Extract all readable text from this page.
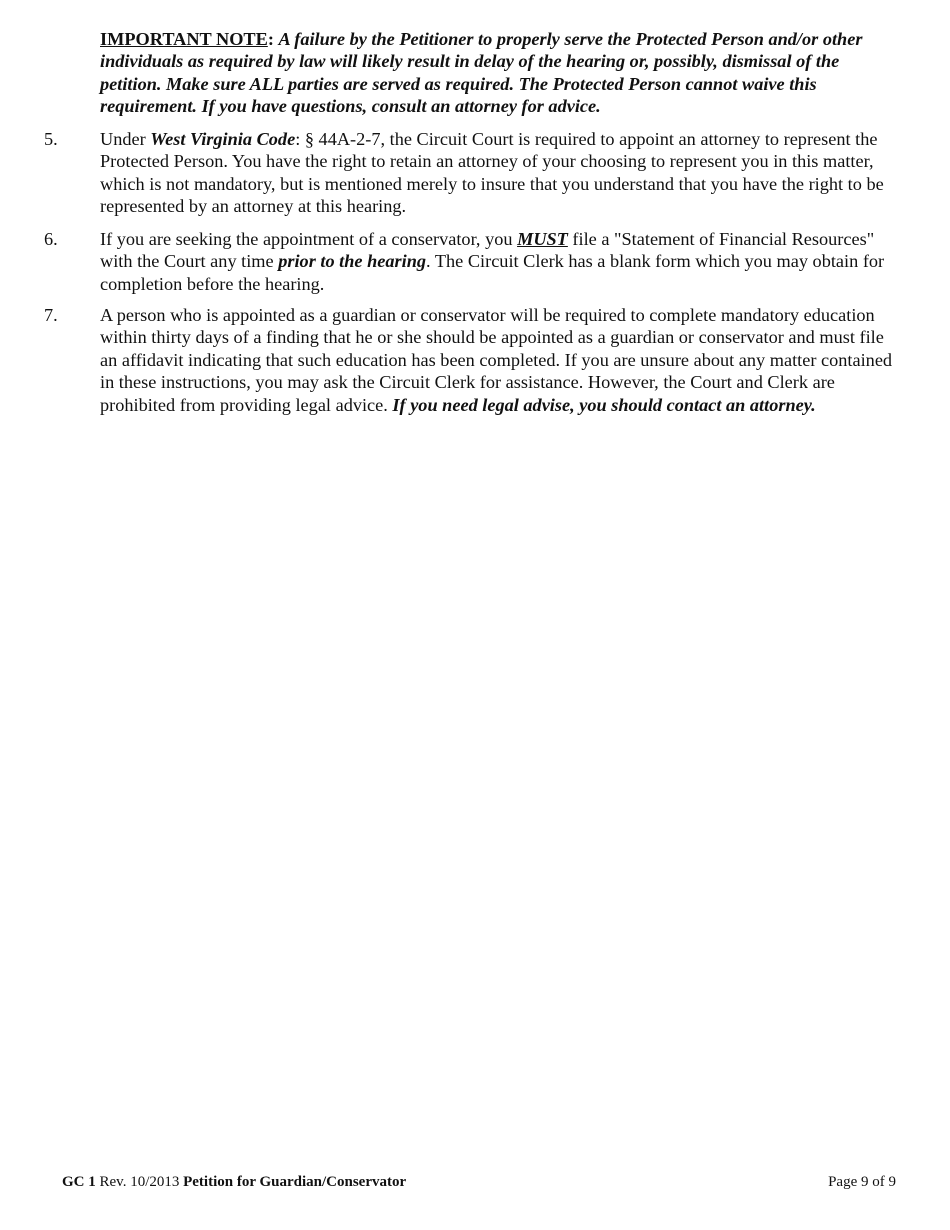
IMPORTANT NOTE: A failure by the Petitioner to properly serve the Protected Person and/or other individuals as required by law will likely result in delay of the hearing or, possibly, dismissal of the petition. Make sure ALL parties are served as required. The Protected Person cannot waive this requirement. If you have questions, consult an attorney for advice.
5.	Under West Virginia Code: § 44A-2-7, the Circuit Court is required to appoint an attorney to represent the Protected Person. You have the right to retain an attorney of your choosing to represent you in this matter, which is not mandatory, but is mentioned merely to insure that you understand that you have the right to be represented by an attorney at this hearing.
6.	If you are seeking the appointment of a conservator, you MUST file a "Statement of Financial Resources" with the Court any time prior to the hearing. The Circuit Clerk has a blank form which you may obtain for completion before the hearing.
7.	A person who is appointed as a guardian or conservator will be required to complete mandatory education within thirty days of a finding that he or she should be appointed as a guardian or conservator and must file an affidavit indicating that such education has been completed. If you are unsure about any matter contained in these instructions, you may ask the Circuit Clerk for assistance. However, the Court and Clerk are prohibited from providing legal advice. If you need legal advise, you should contact an attorney.
GC 1 Rev. 10/2013 Petition for Guardian/Conservator	Page 9 of 9
